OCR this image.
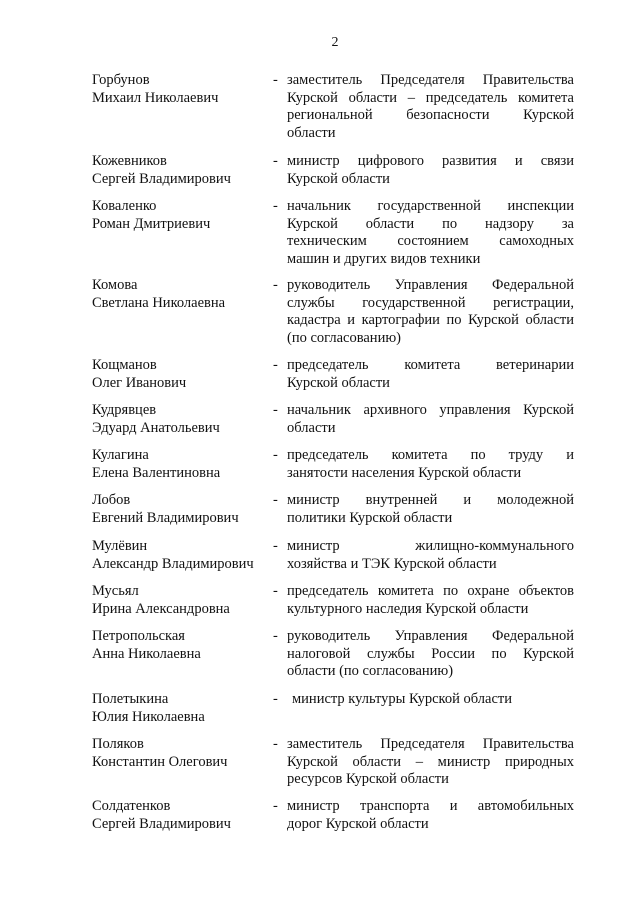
2
Горбунов
Михаил Николаевич
- заместитель Председателя Правительства
Курской области – председатель комитета
региональной безопасности Курской
области
Кожевников
Сергей Владимирович
- министр цифрового развития и связи
Курской области
Коваленко
Роман Дмитриевич
- начальник государственной инспекции
Курской области по надзору за
техническим состоянием самоходных
машин и других видов техники
Комова
Светлана Николаевна
- руководитель Управления Федеральной
службы государственной регистрации,
кадастра и картографии по Курской области
(по согласованию)
Кощманов
Олег Иванович
- председатель комитета ветеринарии
Курской области
Кудрявцев
Эдуард Анатольевич
- начальник архивного управления Курской
области
Кулагина
Елена Валентиновна
- председатель комитета по труду и
занятости населения Курской области
Лобов
Евгений Владимирович
- министр внутренней и молодежной
политики Курской области
Мулёвин
Александр Владимирович
- министр жилищно-коммунального
хозяйства и ТЭК Курской области
Мусьял
Ирина Александровна
- председатель комитета по охране объектов
культурного наследия Курской области
Петропольская
Анна Николаевна
- руководитель Управления Федеральной
налоговой службы России по Курской
области (по согласованию)
Полетыкина
Юлия Николаевна
- министр культуры Курской области
Поляков
Константин Олегович
- заместитель Председателя Правительства
Курской области – министр природных
ресурсов Курской области
Солдатенков
Сергей Владимирович
- министр транспорта и автомобильных
дорог Курской области
